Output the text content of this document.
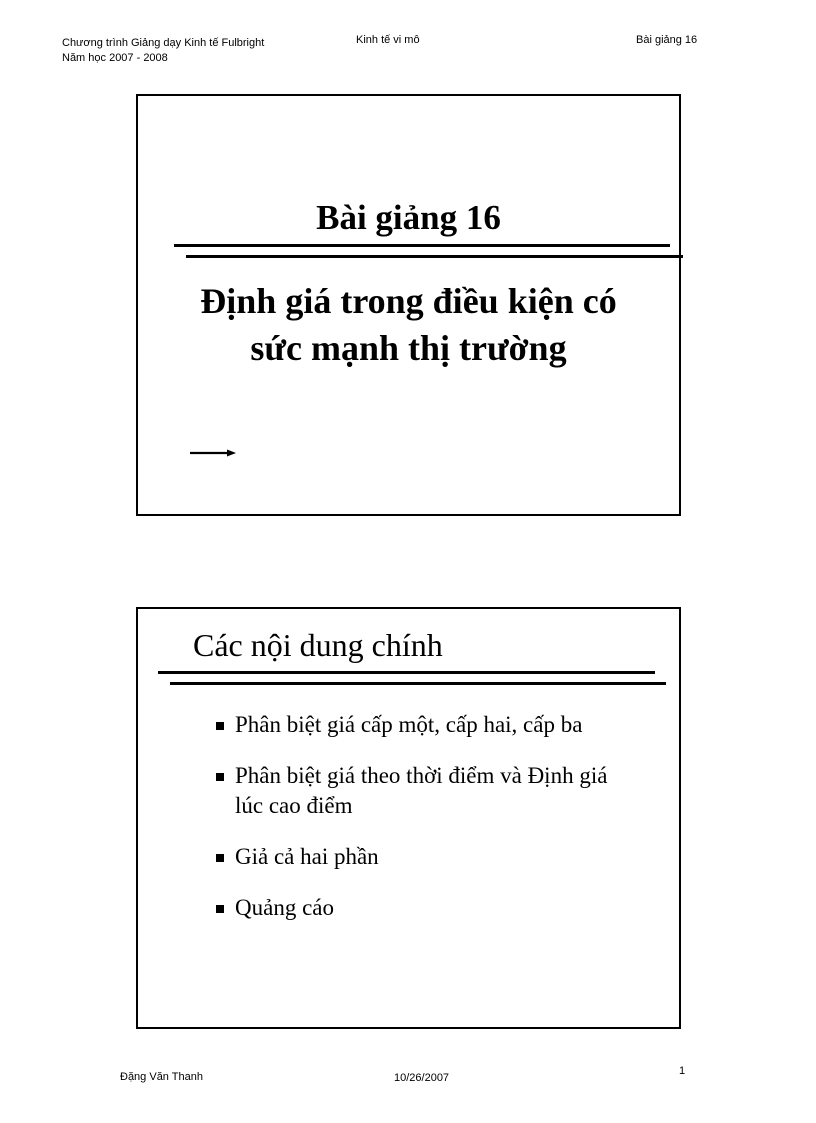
Chương trình Giảng dạy Kinh tế Fulbright
Năm học 2007 - 2008
Kinh tế vi mô	Bài giảng 16
Bài giảng 16
Định giá trong điều kiện có
sức mạnh thị trường
Các nội dung chính
Phân biệt giá cấp một, cấp hai, cấp ba
Phân biệt giá theo thời điểm và Định giá lúc cao điểm
Giả cả hai phần
Quảng cáo
Đặng Văn Thanh	10/26/2007
1
